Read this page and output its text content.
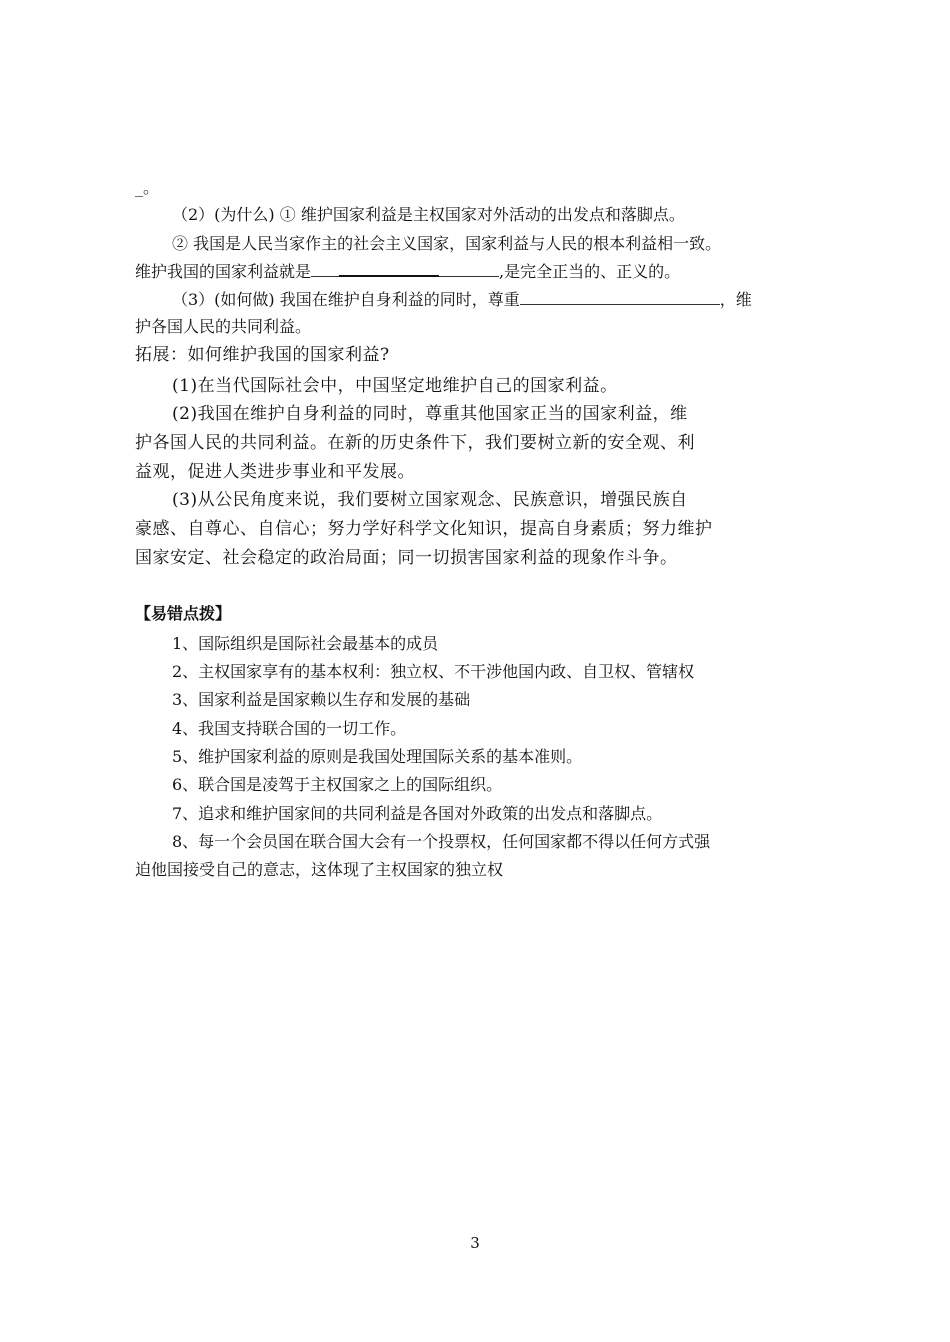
_。
（2）(为什么) ① 维护国家利益是主权国家对外活动的出发点和落脚点。
② 我国是人民当家作主的社会主义国家，国家利益与人民的根本利益相一致。
维护我国的国家利益就是	,是完全正当的、正义的。
（3）(如何做) 我国在维护自身利益的同时，尊重	，维
护各国人民的共同利益。
拓展：如何维护我国的国家利益?
(1)在当代国际社会中，中国坚定地维护自己的国家利益。
(2)我国在维护自身利益的同时，尊重其他国家正当的国家利益，维
护各国人民的共同利益。在新的历史条件下，我们要树立新的安全观、利
益观，促进人类进步事业和平发展。
(3)从公民角度来说，我们要树立国家观念、民族意识，增强民族自
豪感、自尊心、自信心；努力学好科学文化知识，提高自身素质；努力维护
国家安定、社会稳定的政治局面；同一切损害国家利益的现象作斗争。
【易错点拨】
1、国际组织是国际社会最基本的成员
2、主权国家享有的基本权利：独立权、不干涉他国内政、自卫权、管辖权
3、国家利益是国家赖以生存和发展的基础
4、我国支持联合国的一切工作。
5、维护国家利益的原则是我国处理国际关系的基本准则。
6、联合国是凌驾于主权国家之上的国际组织。
7、追求和维护国家间的共同利益是各国对外政策的出发点和落脚点。
8、每一个会员国在联合国大会有一个投票权，任何国家都不得以任何方式强
迫他国接受自己的意志，这体现了主权国家的独立权
3
